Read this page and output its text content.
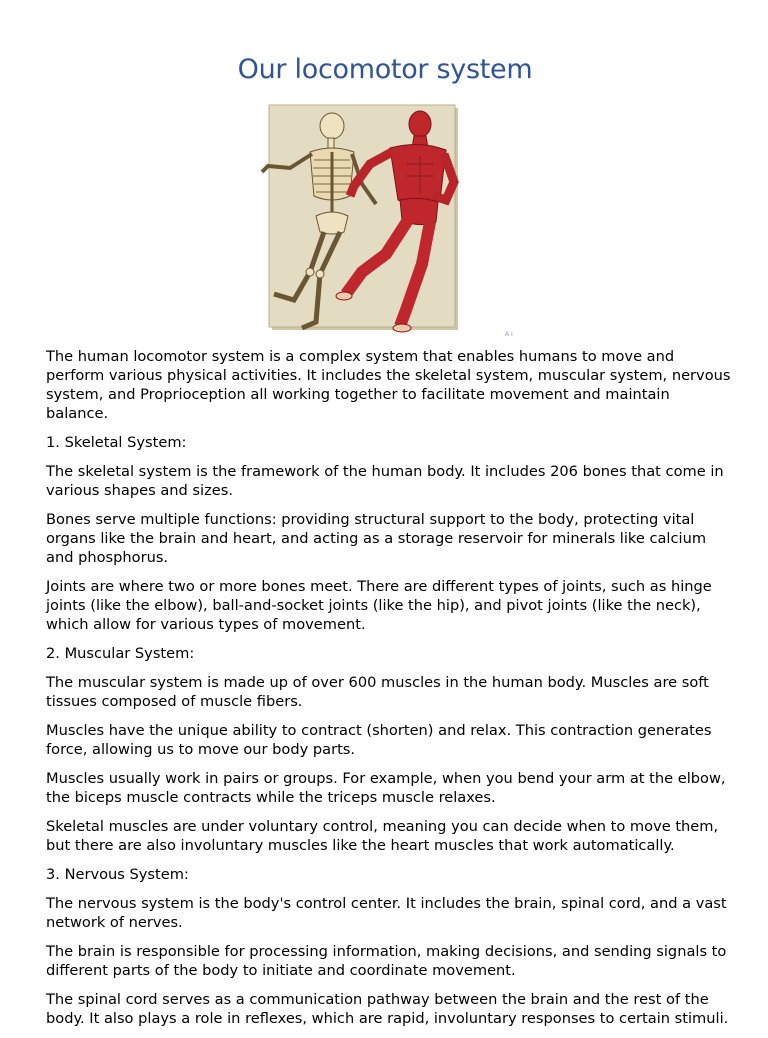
Our locomotor system
A I

The human locomotor system is a complex system that enables humans to move and perform various physical activities. It includes the skeletal system, muscular system, nervous system, and Proprioception all working together to facilitate movement and maintain balance.

1. Skeletal System:

The skeletal system is the framework of the human body. It includes 206 bones that come in various shapes and sizes.

Bones serve multiple functions: providing structural support to the body, protecting vital organs like the brain and heart, and acting as a storage reservoir for minerals like calcium and phosphorus.

Joints are where two or more bones meet. There are different types of joints, such as hinge joints (like the elbow), ball-and-socket joints (like the hip), and pivot joints (like the neck), which allow for various types of movement.

2. Muscular System:

The muscular system is made up of over 600 muscles in the human body. Muscles are soft tissues composed of muscle fibers.

Muscles have the unique ability to contract (shorten) and relax. This contraction generates force, allowing us to move our body parts.

Muscles usually work in pairs or groups. For example, when you bend your arm at the elbow, the biceps muscle contracts while the triceps muscle relaxes.

Skeletal muscles are under voluntary control, meaning you can decide when to move them, but there are also involuntary muscles like the heart muscles that work automatically.

3. Nervous System:

The nervous system is the body's control center. It includes the brain, spinal cord, and a vast network of nerves.

The brain is responsible for processing information, making decisions, and sending signals to different parts of the body to initiate and coordinate movement.

The spinal cord serves as a communication pathway between the brain and the rest of the body. It also plays a role in reflexes, which are rapid, involuntary responses to certain stimuli.
